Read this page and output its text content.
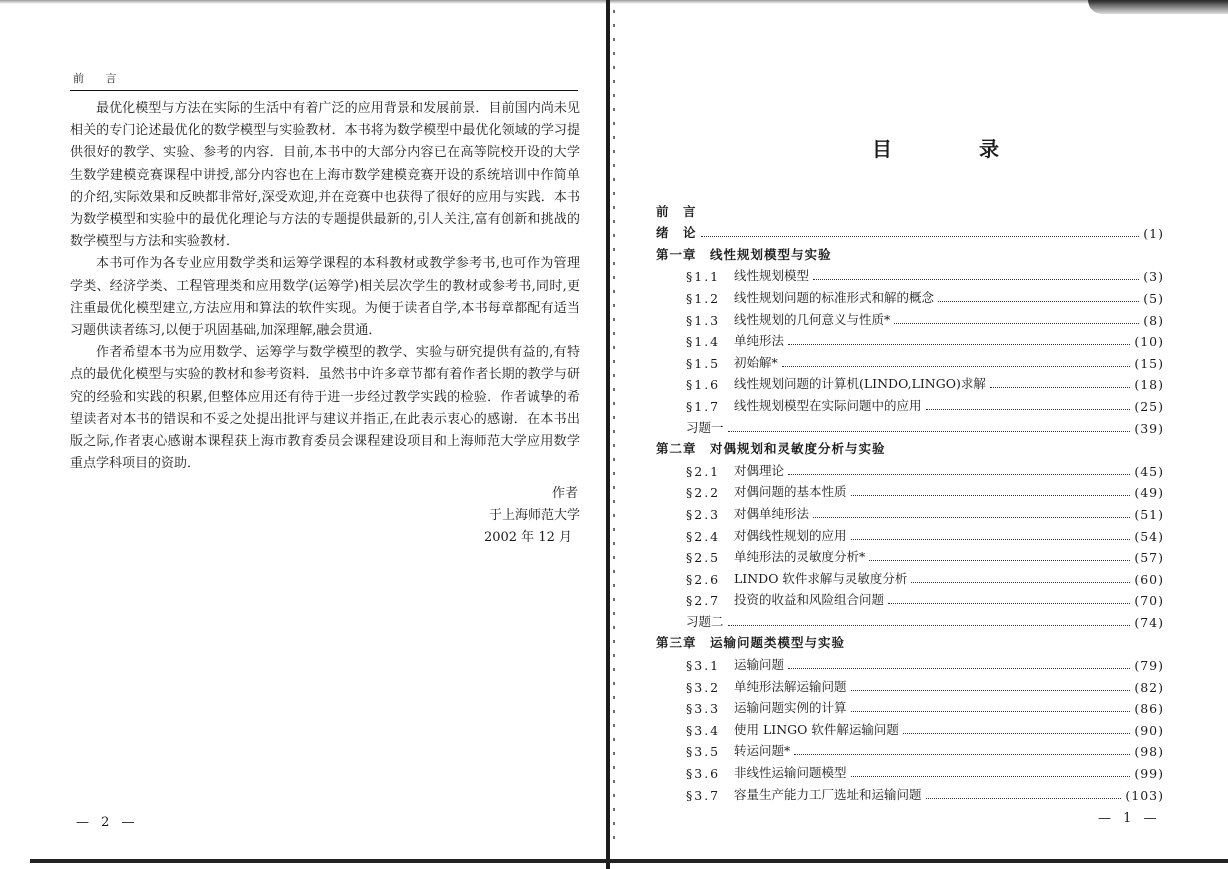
前 言

最优化模型与方法在实际的生活中有着广泛的应用背景和发展前景．目前国内尚未见相关的专门论述最优化的数学模型与实验教材．本书将为数学模型中最优化领域的学习提供很好的教学、实验、参考的内容．目前,本书中的大部分内容已在高等院校开设的大学生数学建模竞赛课程中讲授,部分内容也在上海市数学建模竞赛开设的系统培训中作简单的介绍,实际效果和反映都非常好,深受欢迎,并在竞赛中也获得了很好的应用与实践．本书为数学模型和实验中的最优化理论与方法的专题提供最新的,引人关注,富有创新和挑战的数学模型与方法和实验教材．

本书可作为各专业应用数学类和运筹学课程的本科教材或教学参考书,也可作为管理学类、经济学类、工程管理类和应用数学(运筹学)相关层次学生的教材或参考书,同时,更注重最优化模型建立,方法应用和算法的软件实现。为便于读者自学,本书每章都配有适当习题供读者练习,以便于巩固基础,加深理解,融会贯通．

作者希望本书为应用数学、运筹学与数学模型的教学、实验与研究提供有益的,有特点的最优化模型与实验的教材和参考资料．虽然书中许多章节都有着作者长期的教学与研究的经验和实践的积累,但整体应用还有待于进一步经过教学实践的检验．作者诚挚的希望读者对本书的错误和不妥之处提出批评与建议并指正,在此表示衷心的感谢．在本书出版之际,作者衷心感谢本课程获上海市教育委员会课程建设项目和上海师范大学应用数学重点学科项目的资助．

作者
于上海师范大学
2002 年 12 月
— 2 —
目 录
前　言
绪　论	(1)
第一章　线性规划模型与实验
§1.1	线性规划模型	(3)
§1.2	线性规划问题的标准形式和解的概念	(5)
§1.3	线性规划的几何意义与性质*	(8)
§1.4	单纯形法	(10)
§1.5	初始解*	(15)
§1.6	线性规划问题的计算机(LINDO,LINGO)求解	(18)
§1.7	线性规划模型在实际问题中的应用	(25)
习题一	(39)
第二章　对偶规划和灵敏度分析与实验
§2.1	对偶理论	(45)
§2.2	对偶问题的基本性质	(49)
§2.3	对偶单纯形法	(51)
§2.4	对偶线性规划的应用	(54)
§2.5	单纯形法的灵敏度分析*	(57)
§2.6	LINDO 软件求解与灵敏度分析	(60)
§2.7	投资的收益和风险组合问题	(70)
习题二	(74)
第三章　运输问题类模型与实验
§3.1	运输问题	(79)
§3.2	单纯形法解运输问题	(82)
§3.3	运输问题实例的计算	(86)
§3.4	使用 LINGO 软件解运输问题	(90)
§3.5	转运问题*	(98)
§3.6	非线性运输问题模型	(99)
§3.7	容量生产能力工厂选址和运输问题	(103)
— 1 —
